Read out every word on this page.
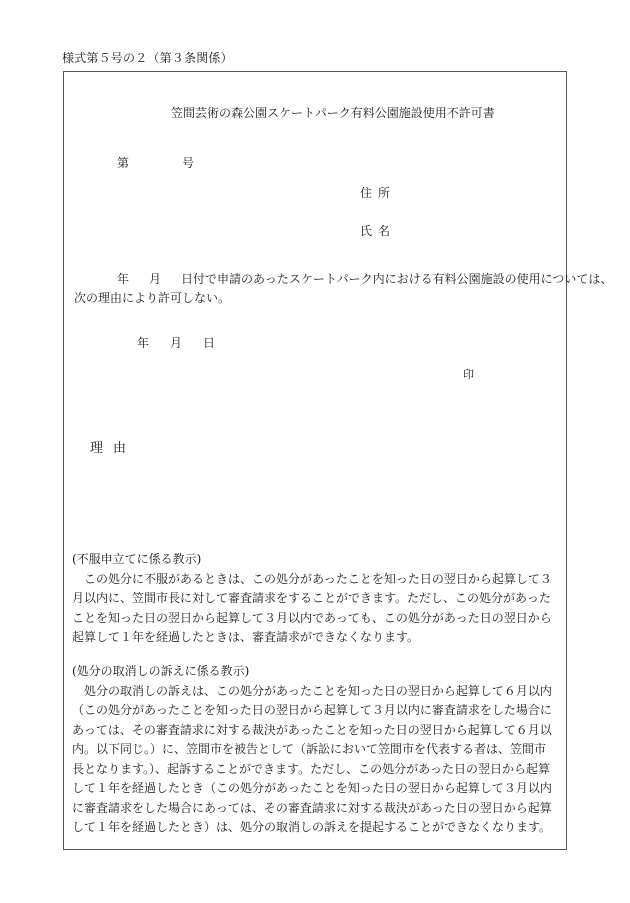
様式第５号の２（第３条関係）
笠間芸術の森公園スケートパーク有料公園施設使用不許可書
第	号
住所
氏名
年 月 日付で申請のあったスケートパーク内における有料公園施設の使用については、
次の理由により許可しない。
年 月 日
印
理由

(不服申立てに係る教示)

この処分に不服があるときは、この処分があったことを知った日の翌日から起算して３月以内に、笠間市長に対して審査請求をすることができます。ただし、この処分があったことを知った日の翌日から起算して３月以内であっても、この処分があった日の翌日から起算して１年を経過したときは、審査請求ができなくなります。

(処分の取消しの訴えに係る教示)

処分の取消しの訴えは、この処分があったことを知った日の翌日から起算して６月以内（この処分があったことを知った日の翌日から起算して３月以内に審査請求をした場合にあっては、その審査請求に対する裁決があったことを知った日の翌日から起算して６月以内。以下同じ。）に、笠間市を被告として（訴訟において笠間市を代表する者は、笠間市長となります。）、起訴することができます。ただし、この処分があった日の翌日から起算して１年を経過したとき（この処分があったことを知った日の翌日から起算して３月以内に審査請求をした場合にあっては、その審査請求に対する裁決があった日の翌日から起算して１年を経過したとき）は、処分の取消しの訴えを提起することができなくなります。
